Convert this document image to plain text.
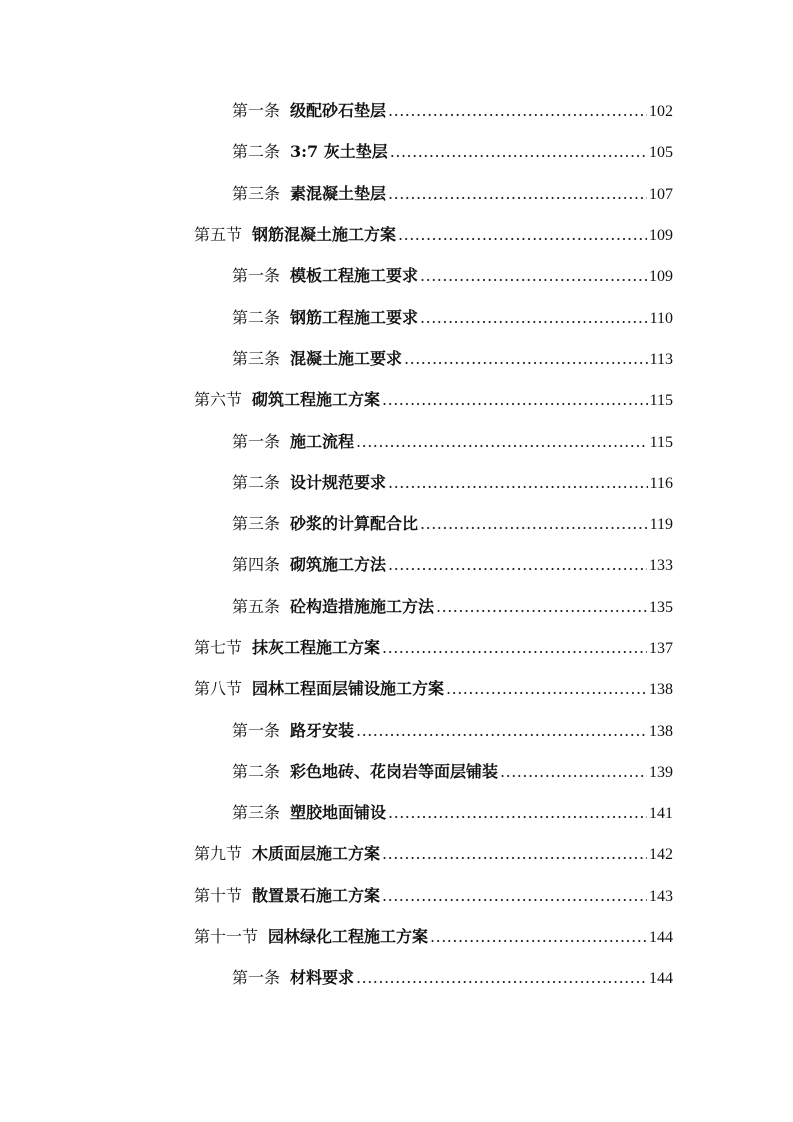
第一条 级配砂石垫层 .....	102
第二条 3:7 灰土垫层 .....	105
第三条 素混凝土垫层 .....	107
第五节 钢筋混凝土施工方案 .....	109
第一条 模板工程施工要求 .....	109
第二条 钢筋工程施工要求 .....	110
第三条 混凝土施工要求 .....	113
第六节 砌筑工程施工方案 .....	115
第一条 施工流程 .....	115
第二条 设计规范要求 .....	116
第三条 砂浆的计算配合比 .....	119
第四条 砌筑施工方法 .....	133
第五条 砼构造措施施工方法 .....	135
第七节 抹灰工程施工方案 .....	137
第八节 园林工程面层铺设施工方案 .....	138
第一条 路牙安装 .....	138
第二条 彩色地砖、花岗岩等面层铺装 .....	139
第三条 塑胶地面铺设 .....	141
第九节 木质面层施工方案 .....	142
第十节 散置景石施工方案 .....	143
第十一节 园林绿化工程施工方案 .....	144
第一条 材料要求 .....	144
